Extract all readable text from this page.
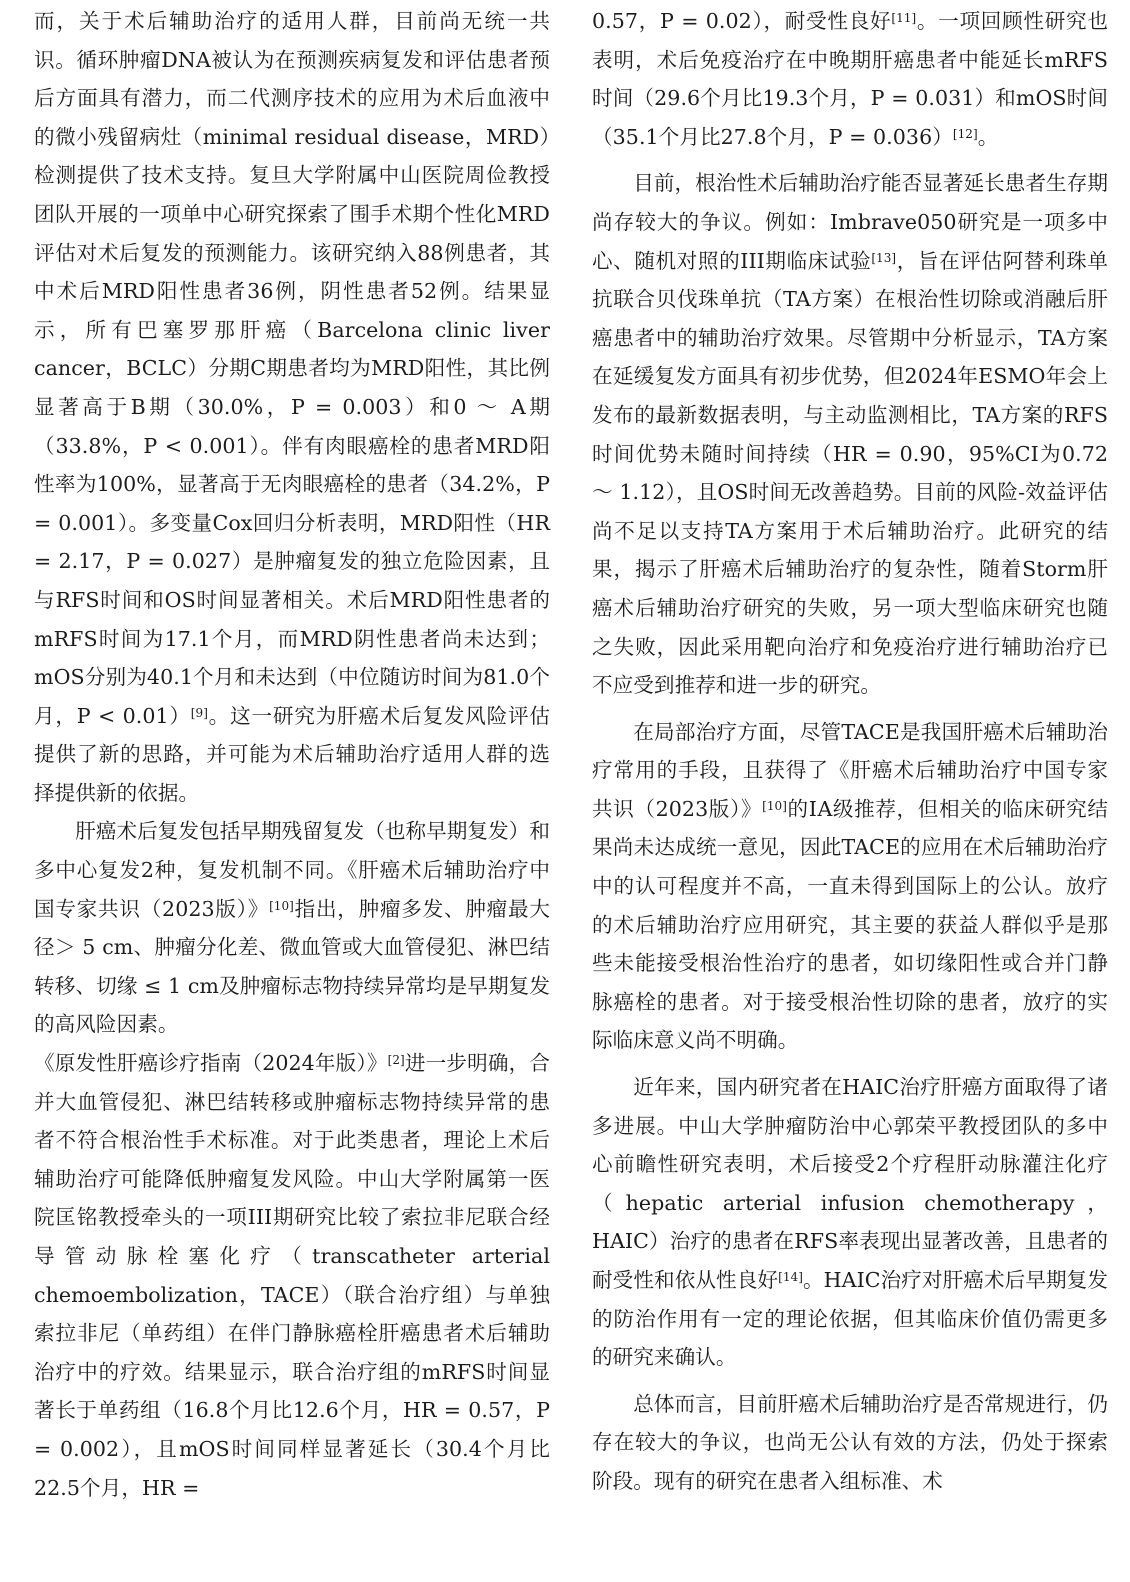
而，关于术后辅助治疗的适用人群，目前尚无统一共识。循环肿瘤DNA被认为在预测疾病复发和评估患者预后方面具有潜力，而二代测序技术的应用为术后血液中的微小残留病灶（minimal residual disease，MRD）检测提供了技术支持。复旦大学附属中山医院周俭教授团队开展的一项单中心研究探索了围手术期个性化MRD评估对术后复发的预测能力。该研究纳入88例患者，其中术后MRD阳性患者36例，阴性患者52例。结果显示，所有巴塞罗那肝癌（Barcelona clinic liver cancer，BCLC）分期C期患者均为MRD阳性，其比例显著高于B期（30.0%，P = 0.003）和0 ～ A期（33.8%，P < 0.001）。伴有肉眼癌栓的患者MRD阳性率为100%，显著高于无肉眼癌栓的患者（34.2%，P = 0.001）。多变量Cox回归分析表明，MRD阳性（HR = 2.17，P = 0.027）是肿瘤复发的独立危险因素，且与RFS时间和OS时间显著相关。术后MRD阳性患者的mRFS时间为17.1个月，而MRD阴性患者尚未达到；mOS分别为40.1个月和未达到（中位随访时间为81.0个月，P < 0.01）[9]。这一研究为肝癌术后复发风险评估提供了新的思路，并可能为术后辅助治疗适用人群的选择提供新的依据。

肝癌术后复发包括早期残留复发（也称早期复发）和多中心复发2种，复发机制不同。《肝癌术后辅助治疗中国专家共识（2023版）》[10]指出，肿瘤多发、肿瘤最大径＞ 5 cm、肿瘤分化差、微血管或大血管侵犯、淋巴结转移、切缘 ≤ 1 cm及肿瘤标志物持续异常均是早期复发的高风险因素。

《原发性肝癌诊疗指南（2024年版）》[2]进一步明确，合并大血管侵犯、淋巴结转移或肿瘤标志物持续异常的患者不符合根治性手术标准。对于此类患者，理论上术后辅助治疗可能降低肿瘤复发风险。中山大学附属第一医院匡铭教授牵头的一项III期研究比较了索拉非尼联合经导管动脉栓塞化疗（transcatheter arterial chemoembolization，TACE）（联合治疗组）与单独索拉非尼（单药组）在伴门静脉癌栓肝癌患者术后辅助治疗中的疗效。结果显示，联合治疗组的mRFS时间显著长于单药组（16.8个月比12.6个月，HR = 0.57，P = 0.002），且mOS时间同样显著延长（30.4个月比22.5个月，HR =

0.57，P = 0.02），耐受性良好[11]。一项回顾性研究也表明，术后免疫治疗在中晚期肝癌患者中能延长mRFS时间（29.6个月比19.3个月，P = 0.031）和mOS时间（35.1个月比27.8个月，P = 0.036）[12]。

目前，根治性术后辅助治疗能否显著延长患者生存期尚存较大的争议。例如：Imbrave050研究是一项多中心、随机对照的III期临床试验[13]，旨在评估阿替利珠单抗联合贝伐珠单抗（TA方案）在根治性切除或消融后肝癌患者中的辅助治疗效果。尽管期中分析显示，TA方案在延缓复发方面具有初步优势，但2024年ESMO年会上发布的最新数据表明，与主动监测相比，TA方案的RFS时间优势未随时间持续（HR = 0.90，95%CI为0.72 ～ 1.12），且OS时间无改善趋势。目前的风险-效益评估尚不足以支持TA方案用于术后辅助治疗。此研究的结果，揭示了肝癌术后辅助治疗的复杂性，随着Storm肝癌术后辅助治疗研究的失败，另一项大型临床研究也随之失败，因此采用靶向治疗和免疫治疗进行辅助治疗已不应受到推荐和进一步的研究。

在局部治疗方面，尽管TACE是我国肝癌术后辅助治疗常用的手段，且获得了《肝癌术后辅助治疗中国专家共识（2023版）》[10]的ⅠA级推荐，但相关的临床研究结果尚未达成统一意见，因此TACE的应用在术后辅助治疗中的认可程度并不高，一直未得到国际上的公认。放疗的术后辅助治疗应用研究，其主要的获益人群似乎是那些未能接受根治性治疗的患者，如切缘阳性或合并门静脉癌栓的患者。对于接受根治性切除的患者，放疗的实际临床意义尚不明确。

近年来，国内研究者在HAIC治疗肝癌方面取得了诸多进展。中山大学肿瘤防治中心郭荣平教授团队的多中心前瞻性研究表明，术后接受2个疗程肝动脉灌注化疗（hepatic arterial infusion chemotherapy，HAIC）治疗的患者在RFS率表现出显著改善，且患者的耐受性和依从性良好[14]。HAIC治疗对肝癌术后早期复发的防治作用有一定的理论依据，但其临床价值仍需更多的研究来确认。

总体而言，目前肝癌术后辅助治疗是否常规进行，仍存在较大的争议，也尚无公认有效的方法，仍处于探索阶段。现有的研究在患者入组标准、术
